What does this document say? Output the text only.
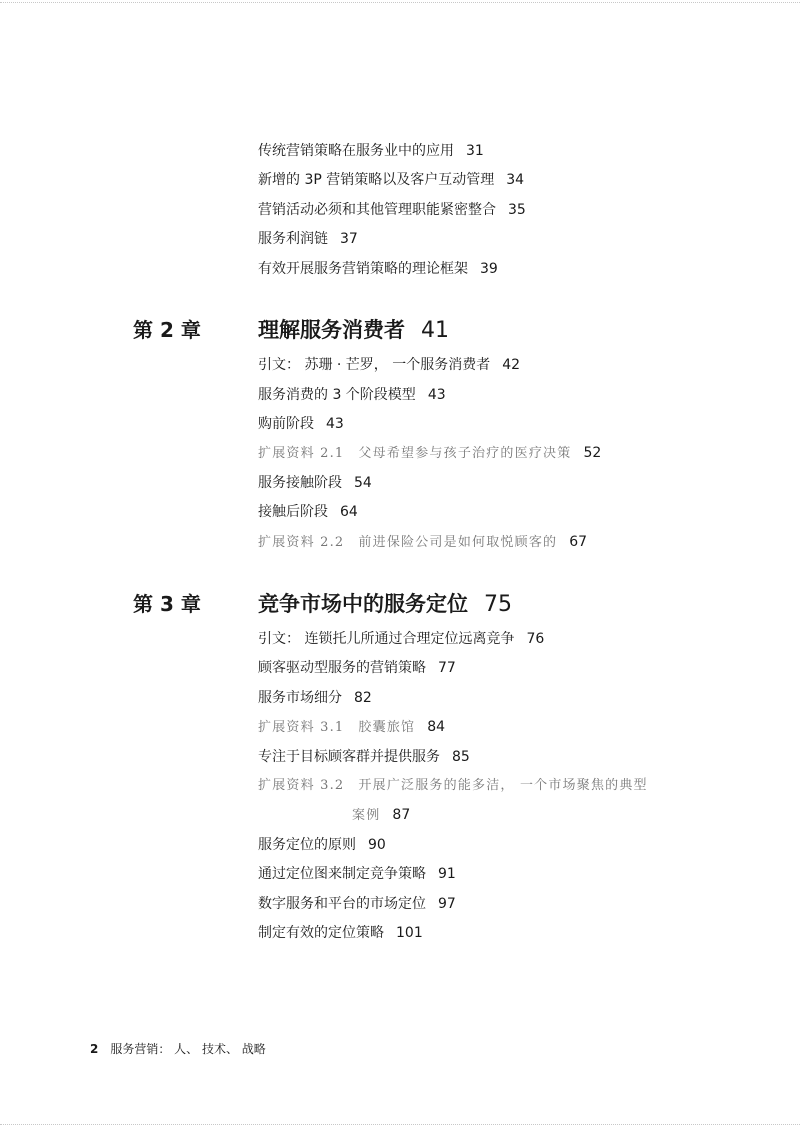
传统营销策略在服务业中的应用 31
新增的 3P 营销策略以及客户互动管理 34
营销活动必须和其他管理职能紧密整合 35
服务利润链 37
有效开展服务营销策略的理论框架 39
第 2 章	理解服务消费者 41
引文： 苏珊 · 芒罗， 一个服务消费者 42
服务消费的 3 个阶段模型 43
购前阶段 43
扩展资料 2.1 父母希望参与孩子治疗的医疗决策 52
服务接触阶段 54
接触后阶段 64
扩展资料 2.2 前进保险公司是如何取悦顾客的 67
第 3 章	竞争市场中的服务定位 75
引文： 连锁托儿所通过合理定位远离竞争 76
顾客驱动型服务的营销策略 77
服务市场细分 82
扩展资料 3.1 胶囊旅馆 84
专注于目标顾客群并提供服务 85
扩展资料 3.2 开展广泛服务的能多洁， 一个市场聚焦的典型
案例 87
服务定位的原则 90
通过定位图来制定竞争策略 91
数字服务和平台的市场定位 97
制定有效的定位策略 101
2 服务营销： 人、 技术、 战略
